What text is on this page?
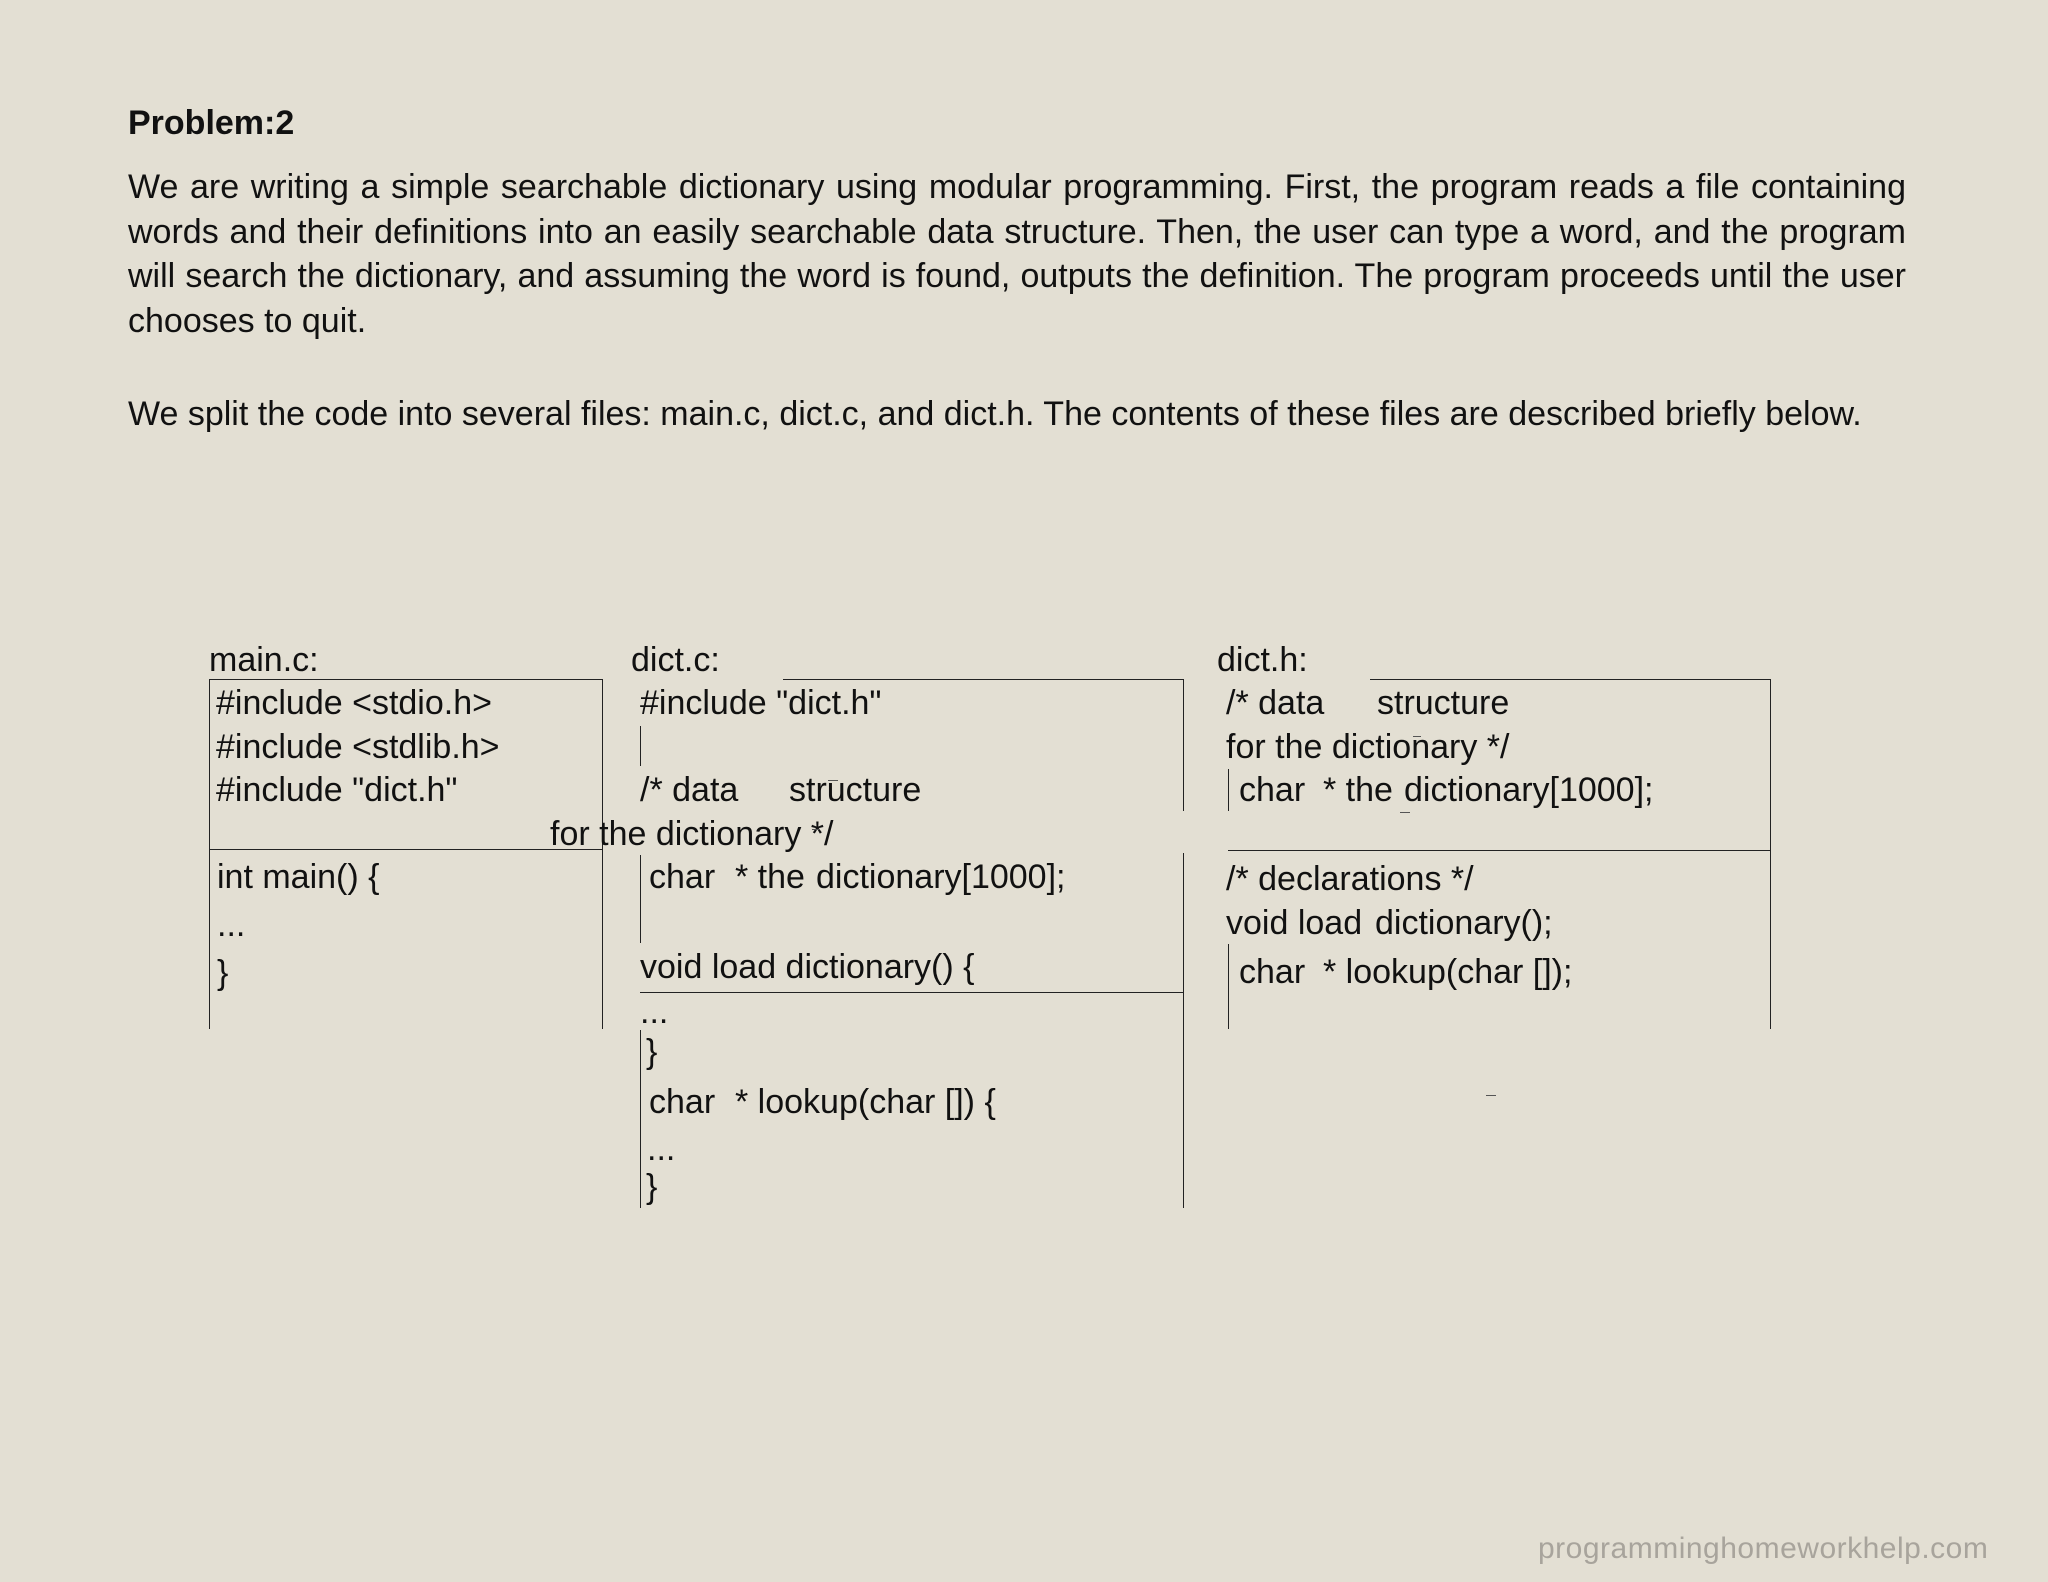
Problem:2
We are writing a simple searchable dictionary using modular programming. First, the program reads a file containing words and their definitions into an easily searchable data structure. Then, the user can type a word, and the program will search the dictionary, and assuming the word is found, outputs the definition. The program proceeds until the user chooses to quit.
We split the code into several files: main.c, dict.c, and dict.h. The contents of these files are described briefly below.
main.c:
#include <stdio.h>
#include <stdlib.h>
#include "dict.h"
int main() {
...
}
dict.c:
#include "dict.h"
/* data structure
for the dictionary */
char * the dictionary[1000];
void load dictionary() {
...
}
char * lookup(char []) {
...
}
dict.h:
/* data structure
for the dictionary */
char * the dictionary[1000];
/* declarations */
void load dictionary();
char * lookup(char []);
programminghomeworkhelp.com
